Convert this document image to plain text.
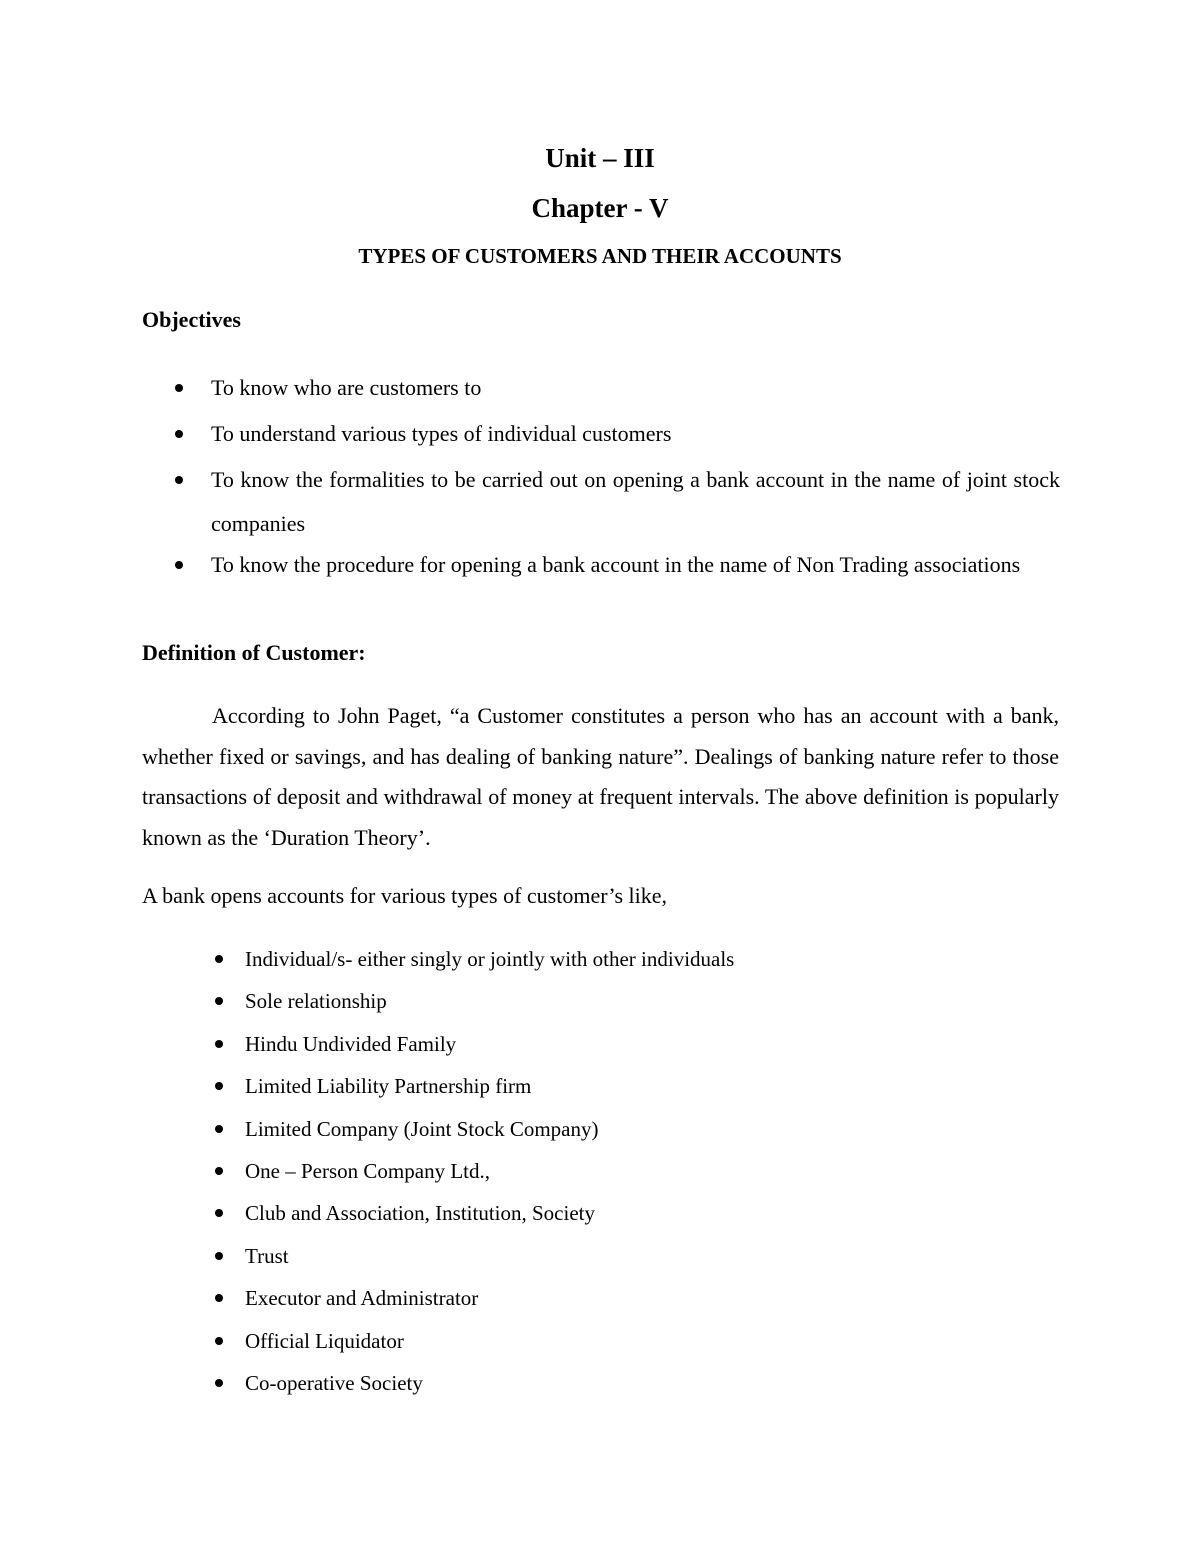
Unit – III
Chapter - V
TYPES OF CUSTOMERS AND THEIR ACCOUNTS
Objectives
To know who are customers to
To understand various types of individual customers
To know the formalities to be carried out on opening a bank account in the name of joint stock companies
To know the procedure for opening a bank account in the name of Non Trading associations
Definition of Customer:

According to John Paget, “a Customer constitutes a person who has an account with a bank, whether fixed or savings, and has dealing of banking nature”. Dealings of banking nature refer to those transactions of deposit and withdrawal of money at frequent intervals. The above definition is popularly known as the ‘Duration Theory’.

A bank opens accounts for various types of customer’s like,

Individual/s- either singly or jointly with other individuals
Sole relationship
Hindu Undivided Family
Limited Liability Partnership firm
Limited Company (Joint Stock Company)
One – Person Company Ltd.,
Club and Association, Institution, Society
Trust
Executor and Administrator
Official Liquidator
Co-operative Society
